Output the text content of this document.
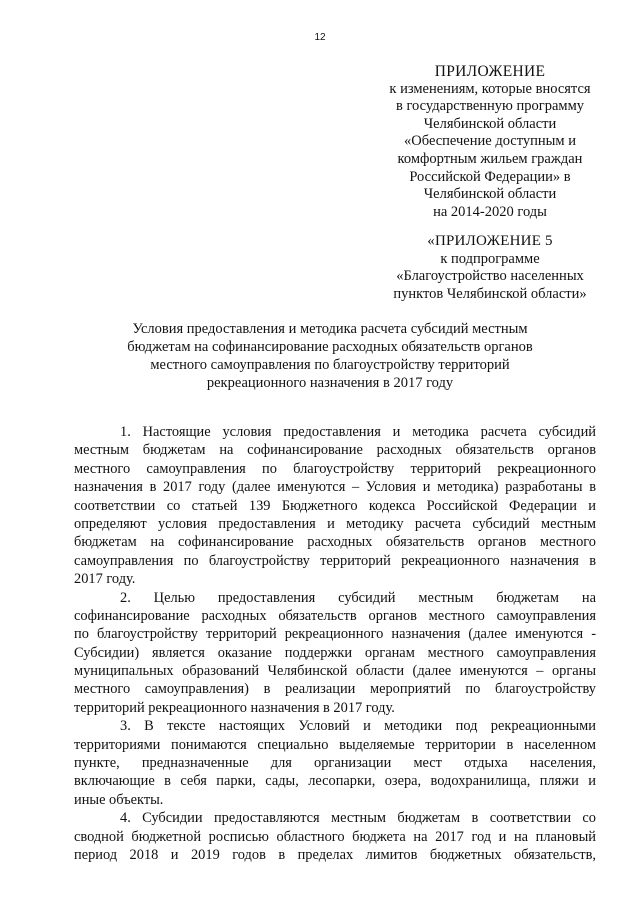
12
ПРИЛОЖЕНИЕ
к изменениям, которые вносятся
в государственную программу
Челябинской области
«Обеспечение доступным и
комфортным жильем граждан
Российской Федерации» в
Челябинской области
на 2014-2020 годы
«ПРИЛОЖЕНИЕ 5
к подпрограмме
«Благоустройство населенных
пунктов Челябинской области»
Условия предоставления и методика расчета субсидий местным
бюджетам на софинансирование расходных обязательств органов
местного самоуправления по благоустройству территорий
рекреационного назначения в 2017 году
1. Настоящие условия предоставления и методика расчета субсидий
местным бюджетам на софинансирование расходных обязательств органов
местного самоуправления по благоустройству территорий рекреационного
назначения в 2017 году (далее именуются – Условия и методика) разработаны в
соответствии со статьей 139 Бюджетного кодекса Российской Федерации и
определяют условия предоставления и методику расчета субсидий местным
бюджетам на софинансирование расходных обязательств органов местного
самоуправления по благоустройству территорий рекреационного назначения в
2017 году.
2. Целью предоставления субсидий местным бюджетам на
софинансирование расходных обязательств органов местного самоуправления
по благоустройству территорий рекреационного назначения (далее именуются -
Субсидии) является оказание поддержки органам местного самоуправления
муниципальных образований Челябинской области (далее именуются – органы
местного самоуправления) в реализации мероприятий по благоустройству
территорий рекреационного назначения в 2017 году.
3. В тексте настоящих Условий и методики под рекреационными
территориями понимаются специально выделяемые территории в населенном
пункте, предназначенные для организации мест отдыха населения,
включающие в себя парки, сады, лесопарки, озера, водохранилища, пляжи и
иные объекты.
4. Субсидии предоставляются местным бюджетам в соответствии со
сводной бюджетной росписью областного бюджета на 2017 год и на плановый
период 2018 и 2019 годов в пределах лимитов бюджетных обязательств,
